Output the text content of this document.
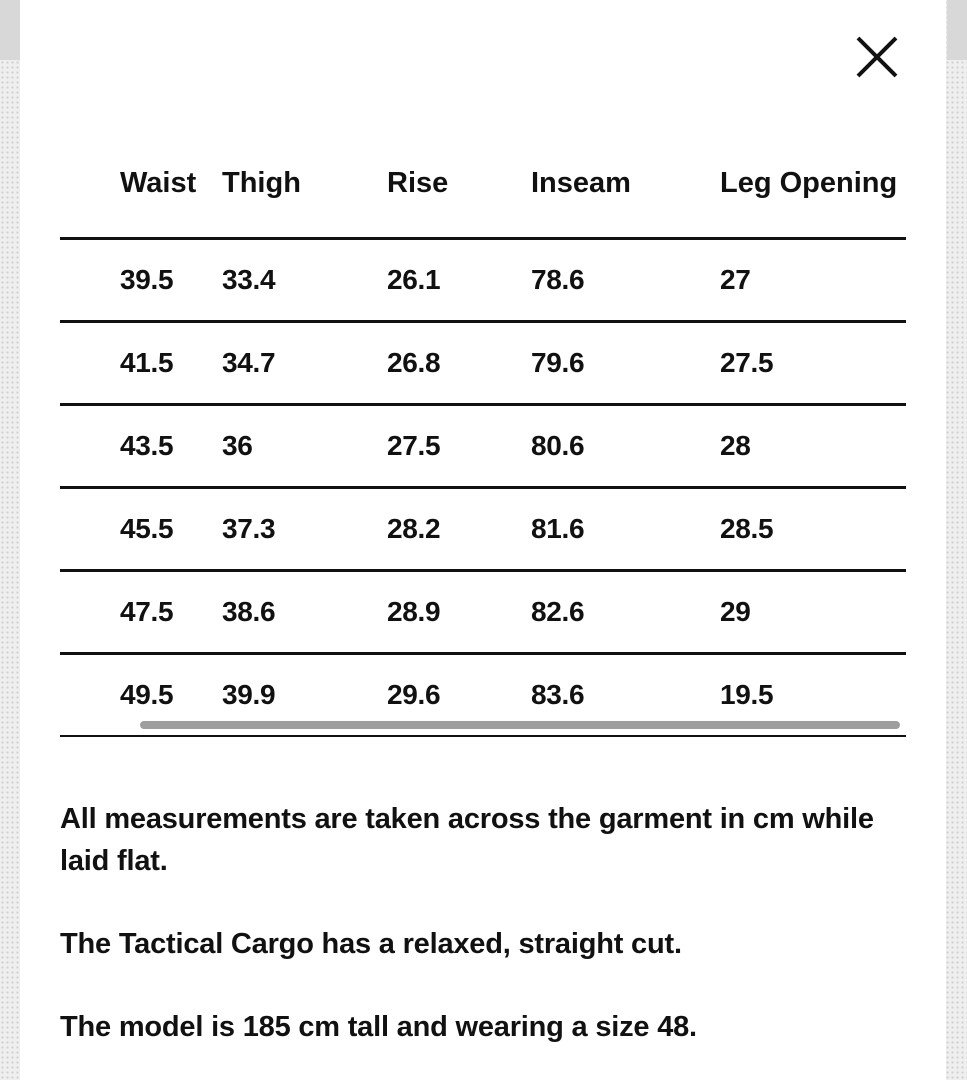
Waist	Thigh	Rise	Inseam	Leg Opening
39.5	33.4	26.1	78.6	27
41.5	34.7	26.8	79.6	27.5
43.5	36	27.5	80.6	28
45.5	37.3	28.2	81.6	28.5
47.5	38.6	28.9	82.6	29
49.5	39.9	29.6	83.6	19.5

All measurements are taken across the garment in cm while laid flat.

The Tactical Cargo has a relaxed, straight cut.

The model is 185 cm tall and wearing a size 48.
